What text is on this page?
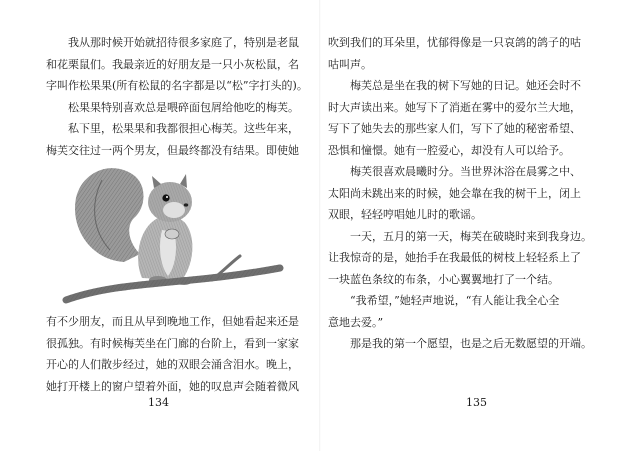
　　我从那时候开始就招待很多家庭了，特别是老鼠

和花栗鼠们。我最亲近的好朋友是一只小灰松鼠，名

字叫作松果果(所有松鼠的名字都是以“松”字打头的)。

　　松果果特别喜欢总是喂碎面包屑给他吃的梅芙。

　　私下里，松果果和我都很担心梅芙。这些年来，

梅芙交往过一两个男友，但最终都没有结果。即使她

有不少朋友，而且从早到晚地工作，但她看起来还是

很孤独。有时候梅芙坐在门廊的台阶上，看到一家家

开心的人们散步经过，她的双眼会涌含泪水。晚上，

她打开楼上的窗户望着外面，她的叹息声会随着微风

134

吹到我们的耳朵里，忧郁得像是一只哀鸽的鸽子的咕

咕叫声。

　　梅芙总是坐在我的树下写她的日记。她还会时不

时大声读出来。她写下了消逝在雾中的爱尔兰大地，

写下了她失去的那些家人们，写下了她的秘密希望、

恐惧和憧憬。她有一腔爱心，却没有人可以给予。

　　梅芙很喜欢晨曦时分。当世界沐浴在晨雾之中、

太阳尚未跳出来的时候，她会靠在我的树干上，闭上

双眼，轻轻哼唱她儿时的歌谣。

　　一天，五月的第一天，梅芙在破晓时来到我身边。

让我惊奇的是，她抬手在我最低的树枝上轻轻系上了

一块蓝色条纹的布条，小心翼翼地打了一个结。

　　“我希望，”她轻声地说，“有人能让我全心全

意地去爱。”

　　那是我的第一个愿望，也是之后无数愿望的开端。

135
